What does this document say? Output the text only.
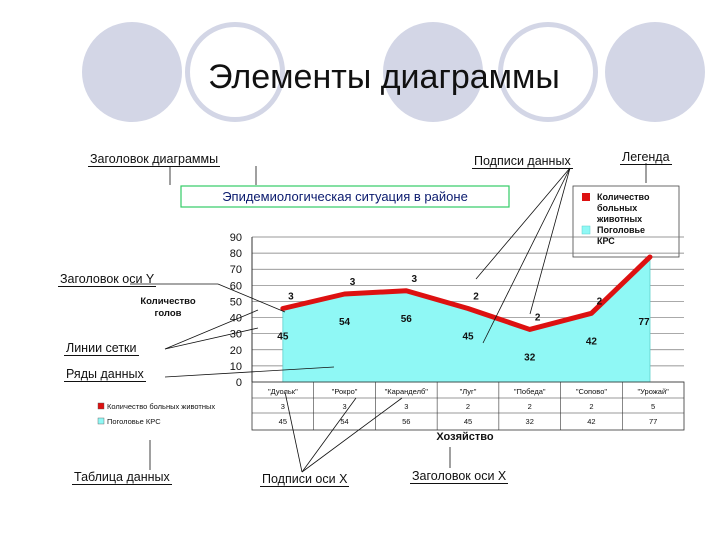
Элементы диаграммы
Эпидемиологическая ситуация в районе
Количество
голов
Хозяйство
Количество
больных
животных
Поголовье
КРС
0
10
20
30
40
50
60
70
80
90
45
54	56
45
32
42
77
3
3	3
2
2
2
"Дуольк"	"Рокро"	"Каранделб"	"Луг"	"Победа"	"Сопово"	"Урожай"
Количество больных животных	3	3	3	2	2	2	5
Поголовье КРС	45	54	56	45	32	42	77
Заголовок диаграммы	Подписи данных	Легенда
Заголовок оси Y
Линии сетки
Ряды данных
Таблица данных	Подписи оси X	Заголовок оси X
